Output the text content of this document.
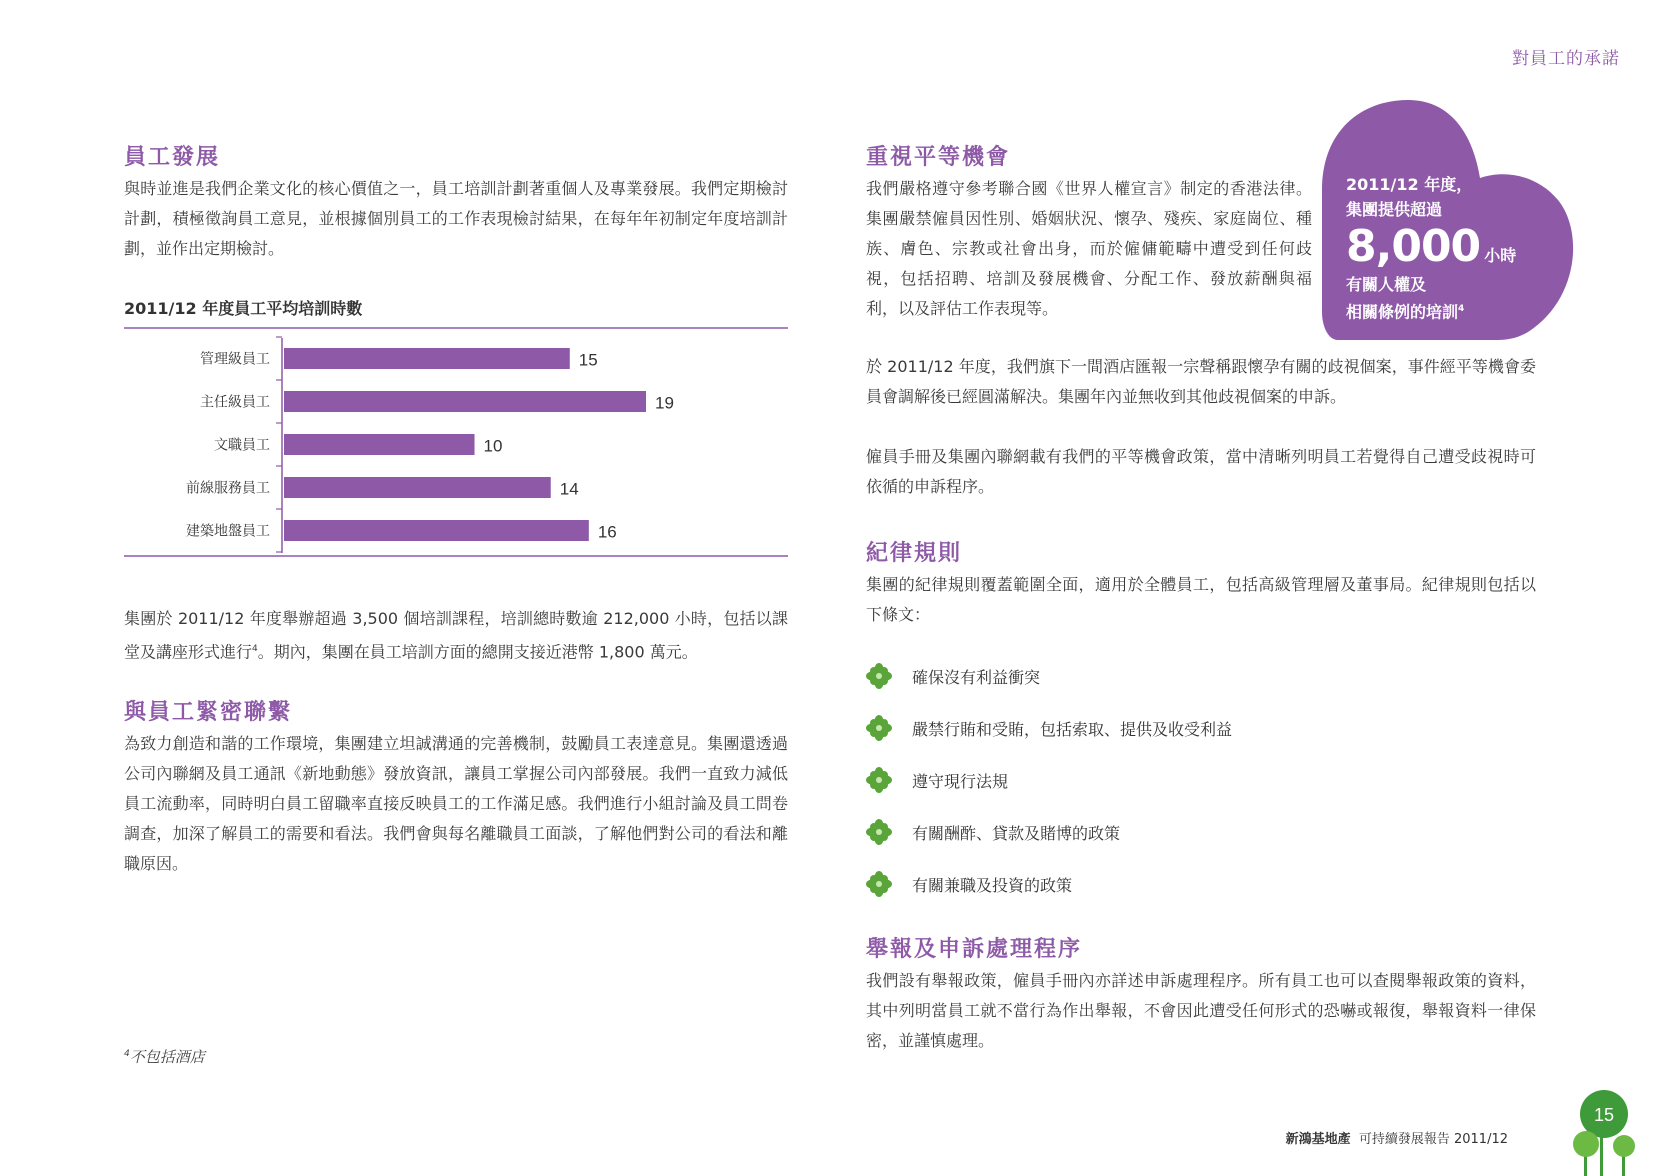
對員工的承諾
員工發展

與時並進是我們企業文化的核心價值之一，員工培訓計劃著重個人及專業發展。我們定期檢討計劃，積極徵詢員工意見，並根據個別員工的工作表現檢討結果，在每年年初制定年度培訓計劃，並作出定期檢討。

2011/12 年度員工平均培訓時數
管理級員工	15
主任級員工	19
文職員工	10
前線服務員工	14
建築地盤員工	16

集團於 2011/12 年度舉辦超過 3,500 個培訓課程，培訓總時數逾 212,000 小時，包括以課堂及講座形式進行$^4$。期內，集團在員工培訓方面的總開支接近港幣 1,800 萬元。

與員工緊密聯繫

為致力創造和諧的工作環境，集團建立坦誠溝通的完善機制，鼓勵員工表達意見。集團還透過公司內聯網及員工通訊《新地動態》發放資訊，讓員工掌握公司內部發展。我們一直致力減低員工流動率，同時明白員工留職率直接反映員工的工作滿足感。我們進行小組討論及員工問卷調查，加深了解員工的需要和看法。我們會與每名離職員工面談，了解他們對公司的看法和離職原因。

$^4$不包括酒店
重視平等機會

我們嚴格遵守參考聯合國《世界人權宣言》制定的香港法律。集團嚴禁僱員因性別、婚姻狀況、懷孕、殘疾、家庭崗位、種族、膚色、宗教或社會出身，而於僱傭範疇中遭受到任何歧視，包括招聘、培訓及發展機會、分配工作、發放薪酬與福利，以及評估工作表現等。

2011/12 年度，
集團提供超過
8,000 小時
有關人權及
相關條例的培訓$^4$

於 2011/12 年度，我們旗下一間酒店匯報一宗聲稱跟懷孕有關的歧視個案，事件經平等機會委員會調解後已經圓滿解決。集團年內並無收到其他歧視個案的申訴。

僱員手冊及集團內聯網載有我們的平等機會政策，當中清晰列明員工若覺得自己遭受歧視時可依循的申訴程序。

紀律規則

集團的紀律規則覆蓋範圍全面，適用於全體員工，包括高級管理層及董事局。紀律規則包括以下條文：

確保沒有利益衝突
嚴禁行賄和受賄，包括索取、提供及收受利益
遵守現行法規
有關酬酢、貸款及賭博的政策
有關兼職及投資的政策
舉報及申訴處理程序

我們設有舉報政策，僱員手冊內亦詳述申訴處理程序。所有員工也可以查閱舉報政策的資料，其中列明當員工就不當行為作出舉報，不會因此遭受任何形式的恐嚇或報復，舉報資料一律保密，並謹慎處理。

新鴻基地產 可持續發展報告 2011/12
15
